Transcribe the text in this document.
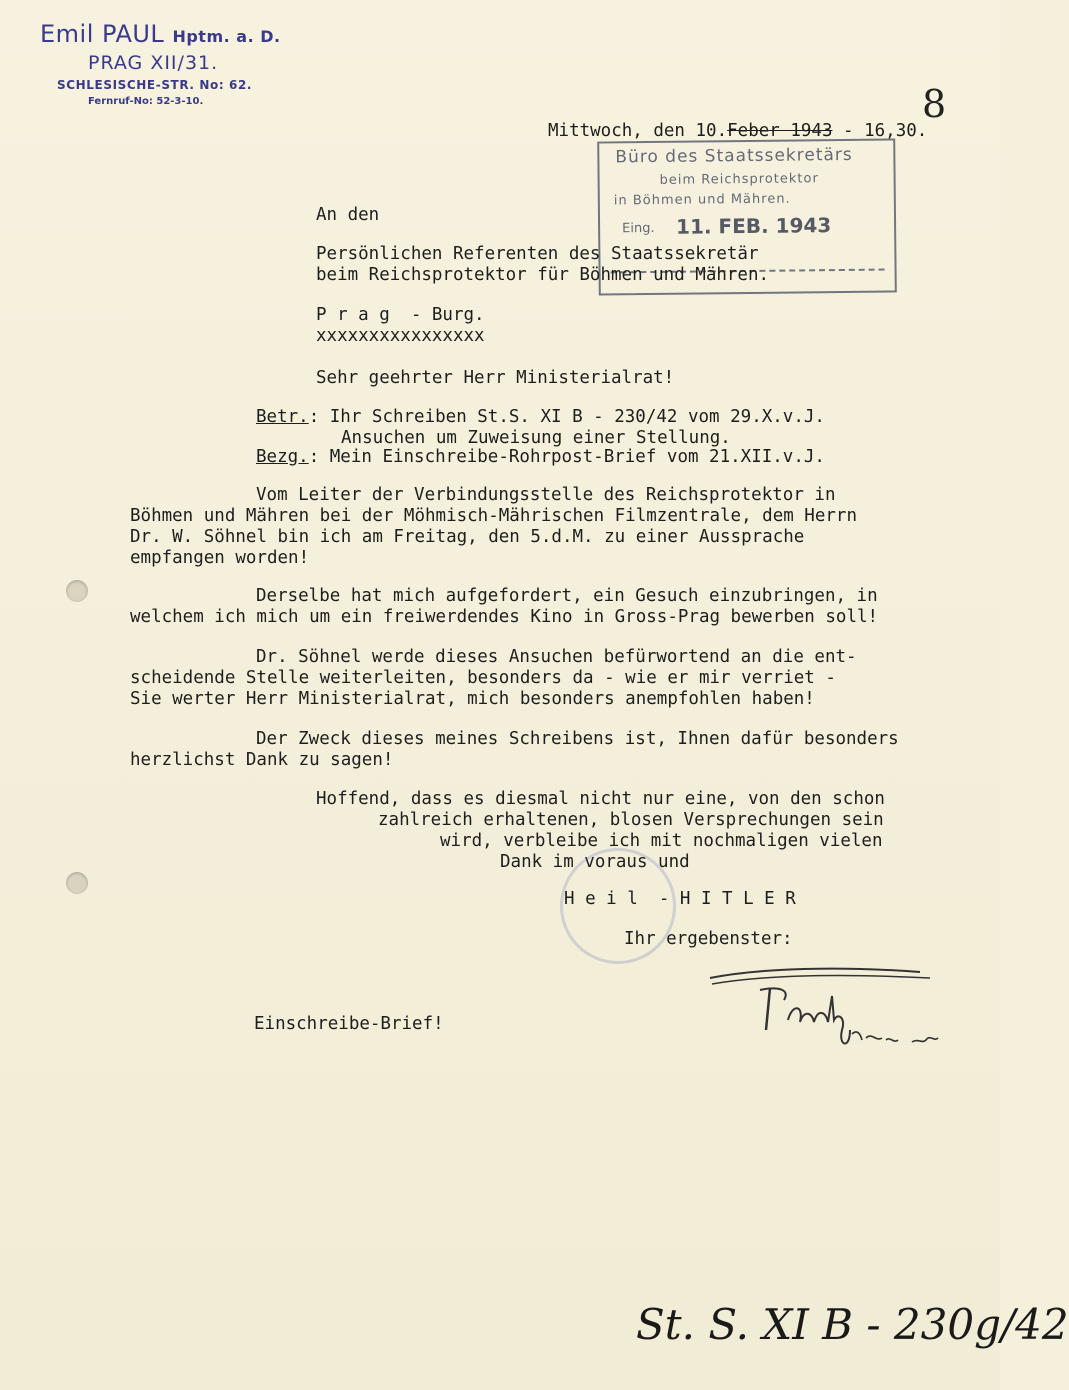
Emil PAUL Hptm. a. D.
PRAG XII/31.
SCHLESISCHE-STR. No: 62.
Fernruf-No: 52-3-10.	8
Mittwoch, den 10.Feber 1943 - 16,30.
Büro des Staatssekretärs
beim Reichsprotektor
in Böhmen und Mähren.
Eing. 11. FEB. 1943
An den
Persönlichen Referenten des Staatssekretär
beim Reichsprotektor für Böhmen und Mähren.
P r a g  - Burg.
xxxxxxxxxxxxxxxx
Sehr geehrter Herr Ministerialrat!
Betr.: Ihr Schreiben St.S. XI B - 230/42 vom 29.X.v.J.
Ansuchen um Zuweisung einer Stellung.
Bezg.: Mein Einschreibe-Rohrpost-Brief vom 21.XII.v.J.
Vom Leiter der Verbindungsstelle des Reichsprotektor in
Böhmen und Mähren bei der Möhmisch-Mährischen Filmzentrale, dem Herrn
Dr. W. Söhnel bin ich am Freitag, den 5.d.M. zu einer Aussprache
empfangen worden!
Derselbe hat mich aufgefordert, ein Gesuch einzubringen, in
welchem ich mich um ein freiwerdendes Kino in Gross-Prag bewerben soll!
Dr. Söhnel werde dieses Ansuchen befürwortend an die ent-
scheidende Stelle weiterleiten, besonders da - wie er mir verriet -
Sie werter Herr Ministerialrat, mich besonders anempfohlen haben!
Der Zweck dieses meines Schreibens ist, Ihnen dafür besonders
herzlichst Dank zu sagen!
Hoffend, dass es diesmal nicht nur eine, von den schon
zahlreich erhaltenen, blosen Versprechungen sein
wird, verbleibe ich mit nochmaligen vielen
Dank im voraus und
H e i l  - H I T L E R
Ihr ergebenster:
Einschreibe-Brief!
St. S. XI B - 230g/42
